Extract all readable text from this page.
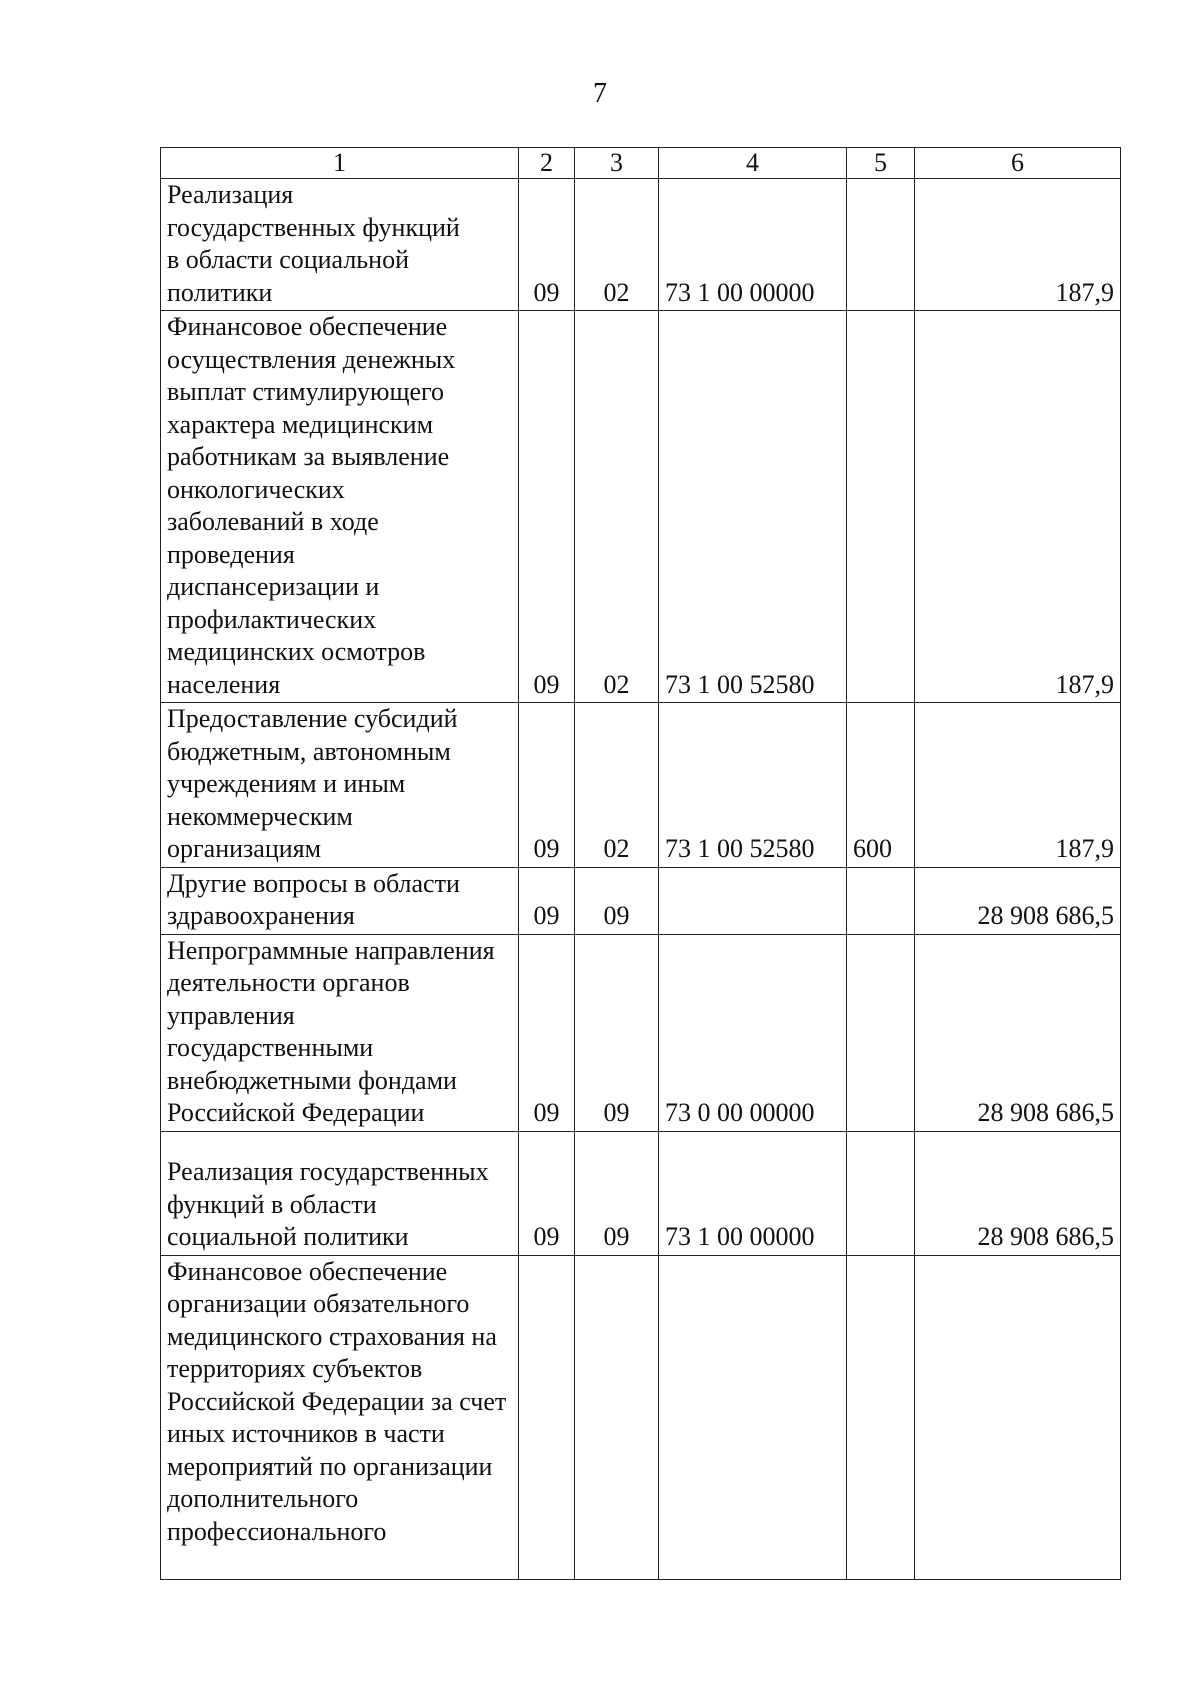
7
1	2	3	4	5	6

Реализация государственных функций в области социальной политики	09	02	73 1 00 00000		187,9

Финансовое обеспечение осуществления денежных выплат стимулирующего характера медицинским работникам за выявление онкологических заболеваний в ходе проведения диспансеризации и профилактических медицинских осмотров населения	09	02	73 1 00 52580		187,9

Предоставление субсидий бюджетным, автономным учреждениям и иным некоммерческим организациям	09	02	73 1 00 52580	600	187,9

Другие вопросы в области здравоохранения	09	09			28 908 686,5

Непрограммные направления деятельности органов управления государственными внебюджетными фондами Российской Федерации	09	09	73 0 00 00000		28 908 686,5

Реализация государственных функций в области социальной политики	09	09	73 1 00 00000		28 908 686,5

Финансовое обеспечение организации обязательного медицинского страхования на территориях субъектов Российской Федерации за счет иных источников в части мероприятий по организации дополнительного профессионального					
